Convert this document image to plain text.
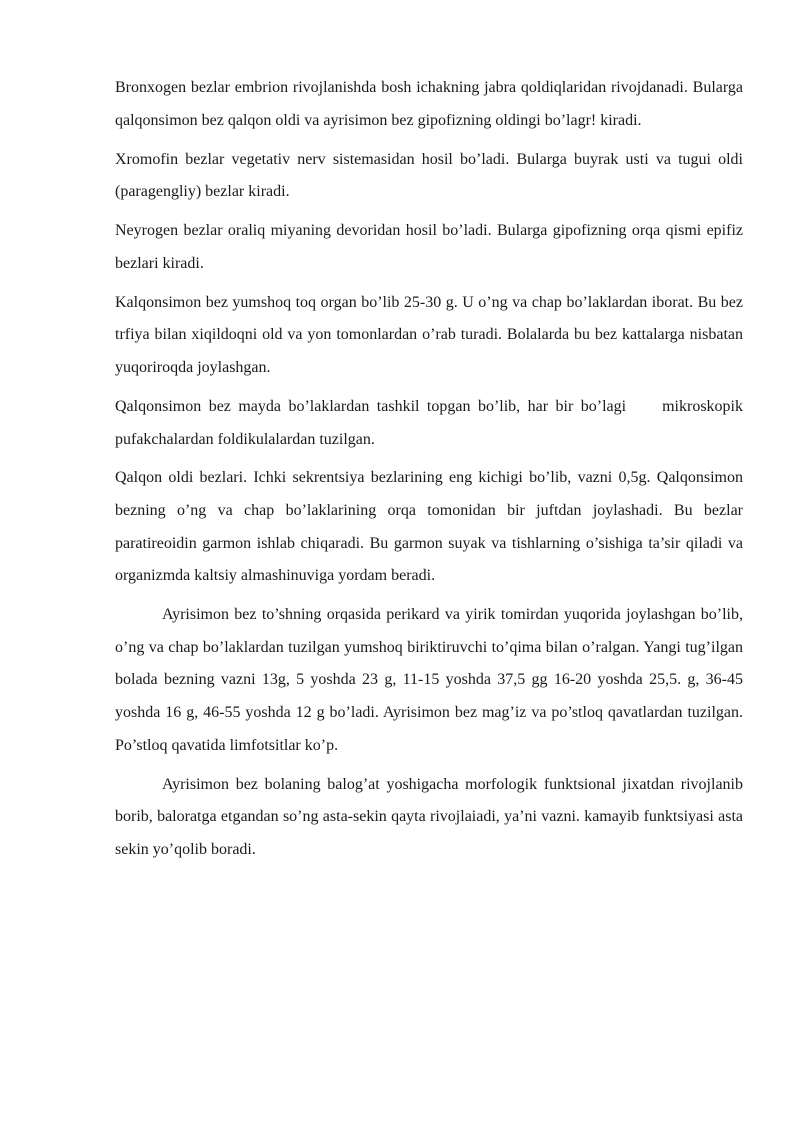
Bronxogen bezlar embrion rivojlanishda bosh ichakning jabra qoldiqlaridan rivojdanadi. Bularga qalqonsimon bez qalqon oldi va ayrisimon bez gipofizning oldingi bo’lagr! kiradi.

Xromofin bezlar vegetativ nerv sistemasidan hosil bo’ladi. Bularga buyrak usti va tugui oldi (paragengliy) bezlar kiradi.

Neyrogen bezlar oraliq miyaning devoridan hosil bo’ladi. Bularga gipofizning orqa qismi epifiz bezlari kiradi.

Kalqonsimon bez yumshoq toq organ bo’lib 25-30 g. U o’ng va chap bo’laklardan iborat. Bu bez trfiya bilan xiqildoqni old va yon tomonlardan o’rab turadi. Bolalarda bu bez kattalarga nisbatan yuqoriroqda joylashgan.

Qalqonsimon bez mayda bo’laklardan tashkil topgan bo’lib, har bir bo’lagi mikroskopik pufakchalardan foldikulalardan tuzilgan.

Qalqon oldi bezlari. Ichki sekrentsiya bezlarining eng kichigi bo’lib, vazni 0,5g. Qalqonsimon bezning o’ng va chap bo’laklarining orqa tomonidan bir juftdan joylashadi. Bu bezlar paratireoidin garmon ishlab chiqaradi. Bu garmon suyak va tishlarning o’sishiga ta’sir qiladi va organizmda kaltsiy almashinuviga yordam beradi.

Ayrisimon bez to’shning orqasida perikard va yirik tomirdan yuqorida joylashgan bo’lib, o’ng va chap bo’laklardan tuzilgan yumshoq biriktiruvchi to’qima bilan o’ralgan. Yangi tug’ilgan bolada bezning vazni 13g, 5 yoshda 23 g, 11-15 yoshda 37,5 gg 16-20 yoshda 25,5. g, 36-45 yoshda 16 g, 46-55 yoshda 12 g bo’ladi. Ayrisimon bez mag’iz va po’stloq qavatlardan tuzilgan. Po’stloq qavatida limfotsitlar ko’p.

Ayrisimon bez bolaning balog’at yoshigacha morfologik funktsional jixatdan rivojlanib borib, baloratga etgandan so’ng asta-sekin qayta rivojlaiadi, ya’ni vazni. kamayib funktsiyasi asta sekin yo’qolib boradi.
